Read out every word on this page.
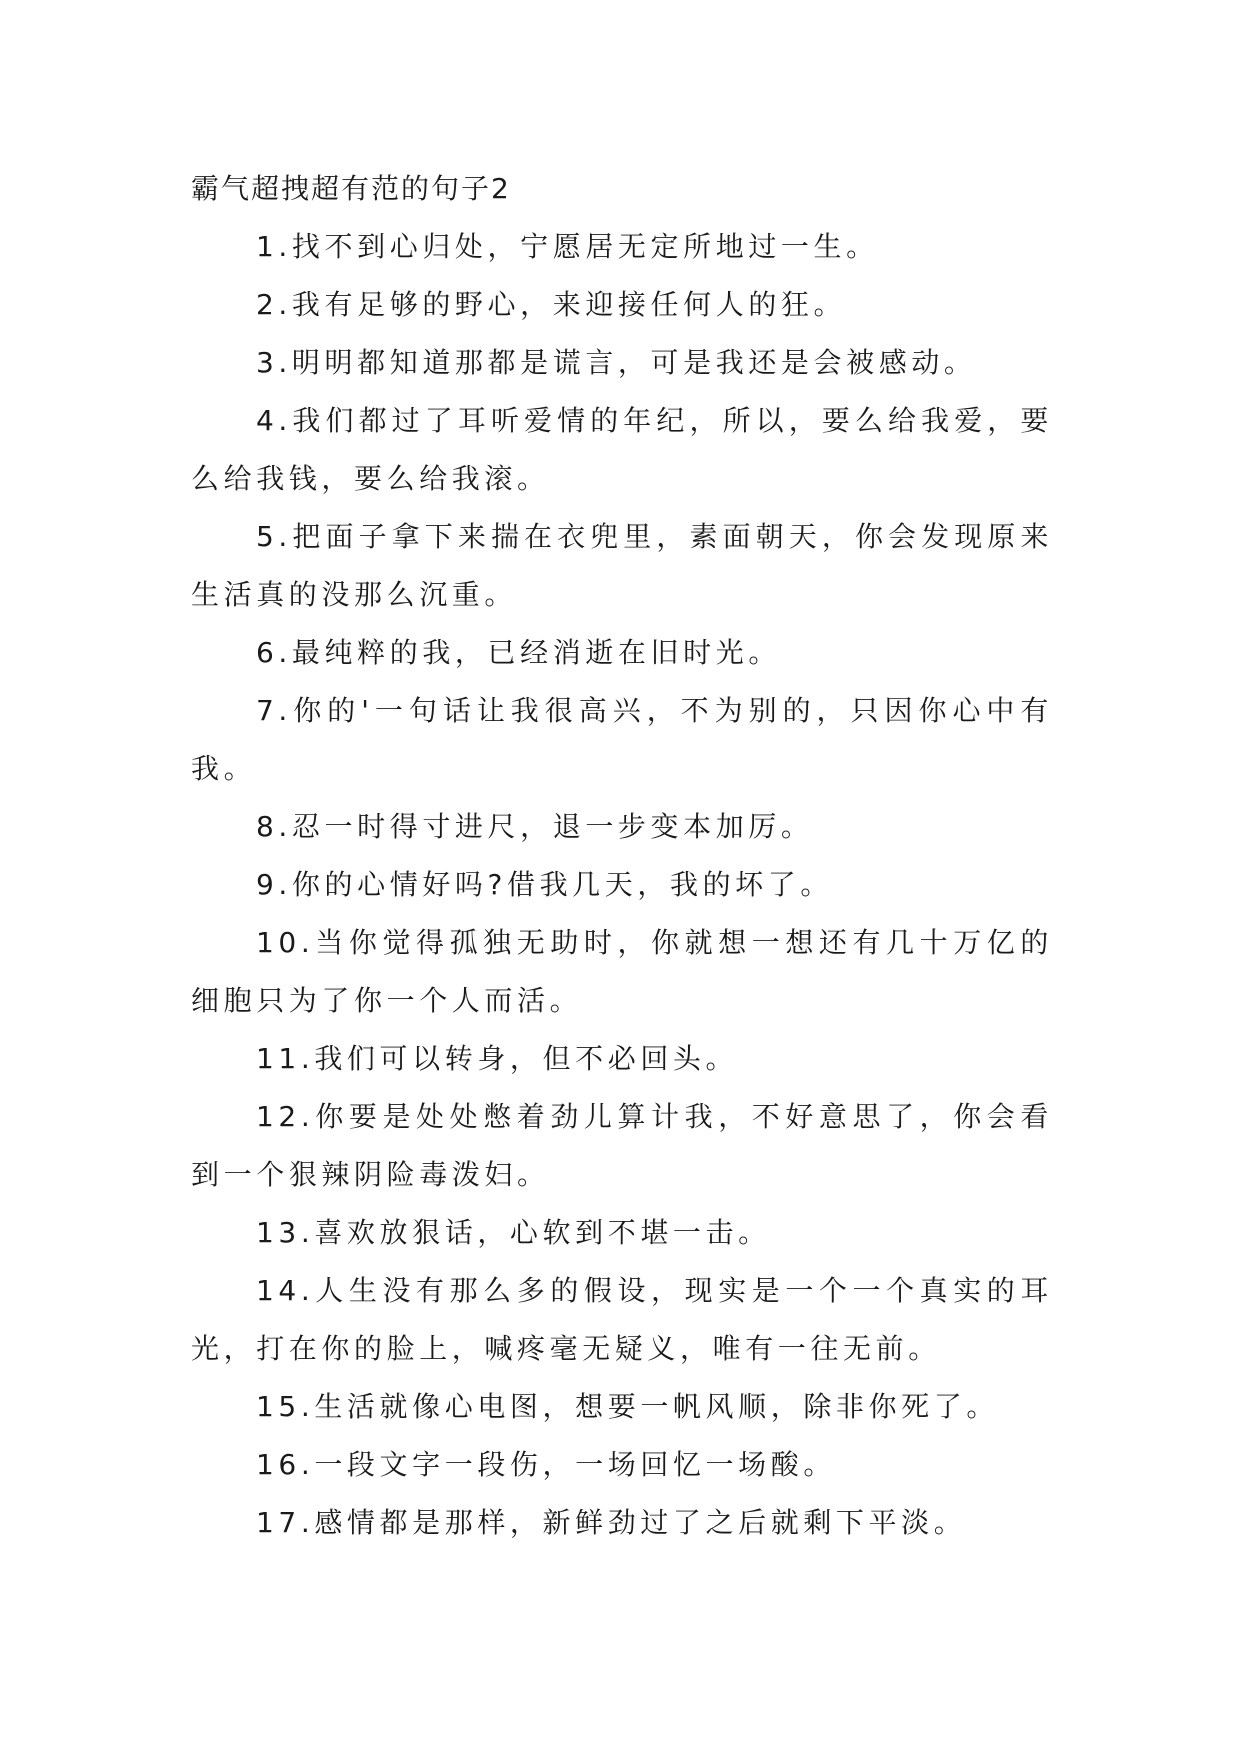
霸气超拽超有范的句子2

1.找不到心归处，宁愿居无定所地过一生。

2.我有足够的野心，来迎接任何人的狂。

3.明明都知道那都是谎言，可是我还是会被感动。

4.我们都过了耳听爱情的年纪，所以，要么给我爱，要么给我钱，要么给我滚。

5.把面子拿下来揣在衣兜里，素面朝天，你会发现原来生活真的没那么沉重。

6.最纯粹的我，已经消逝在旧时光。

7.你的'一句话让我很高兴，不为别的，只因你心中有我。

8.忍一时得寸进尺，退一步变本加厉。

9.你的心情好吗?借我几天，我的坏了。

10.当你觉得孤独无助时，你就想一想还有几十万亿的细胞只为了你一个人而活。

11.我们可以转身，但不必回头。

12.你要是处处憋着劲儿算计我，不好意思了，你会看到一个狠辣阴险毒泼妇。

13.喜欢放狠话，心软到不堪一击。

14.人生没有那么多的假设，现实是一个一个真实的耳光，打在你的脸上，喊疼毫无疑义，唯有一往无前。

15.生活就像心电图，想要一帆风顺，除非你死了。

16.一段文字一段伤，一场回忆一场酸。

17.感情都是那样，新鲜劲过了之后就剩下平淡。
